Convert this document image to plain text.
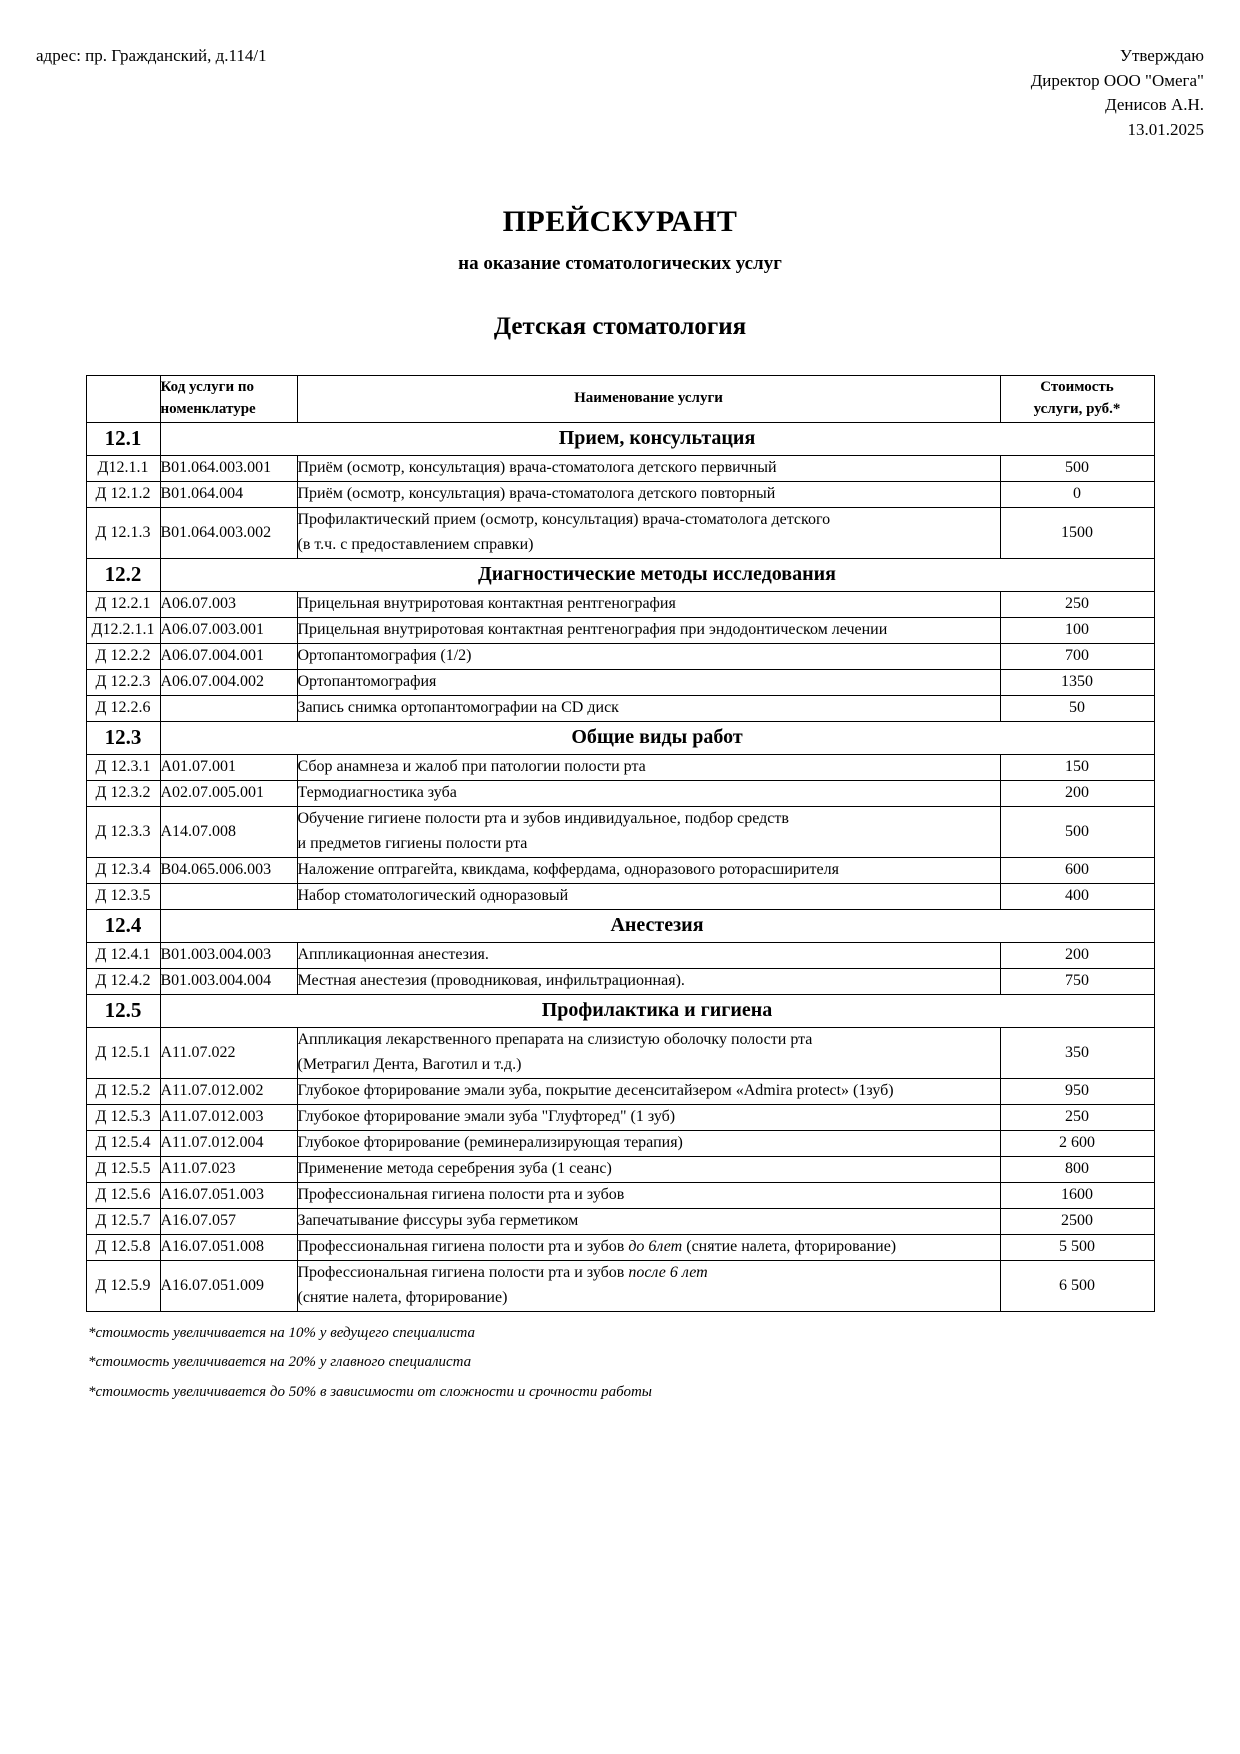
адрес: пр. Гражданский, д.114/1	Утверждаю
Директор ООО "Омега"
Денисов А.Н.
13.01.2025
ПРЕЙСКУРАНТ
на оказание стоматологических услуг
Детская стоматология

	Код услуги по
номенклатуре	Наименование услуги	Стоимость
услуги, руб.*

12.1	Прием, консультация		
Д12.1.1	B01.064.003.001	Приём (осмотр, консультация) врача-стоматолога детского первичный	500
Д 12.1.2	B01.064.004	Приём (осмотр, консультация) врача-стоматолога детского повторный	0
Д 12.1.3	B01.064.003.002	Профилактический прием (осмотр, консультация) врача-стоматолога детского
(в т.ч. с предоставлением справки)	1500
12.2	Диагностические методы исследования		
Д 12.2.1	A06.07.003	Прицельная внутриротовая контактная рентгенография	250
Д12.2.1.1	A06.07.003.001	Прицельная внутриротовая контактная рентгенография при эндодонтическом лечении	100
Д 12.2.2	A06.07.004.001	Ортопантомография (1/2)	700
Д 12.2.3	A06.07.004.002	Ортопантомография	1350
Д 12.2.6		Запись снимка ортопантомографии на CD диск	50
12.3	Общие виды работ		
Д 12.3.1	A01.07.001	Сбор анамнеза и жалоб при патологии полости рта	150
Д 12.3.2	A02.07.005.001	Термодиагностика зуба	200
Д 12.3.3	A14.07.008	Обучение гигиене полости рта и зубов индивидуальное, подбор средств
и предметов гигиены полости рта	500
Д 12.3.4	B04.065.006.003	Наложение оптрагейта, квикдама, коффердама, одноразового роторасширителя	600
Д 12.3.5		Набор стоматологический одноразовый	400
12.4	Анестезия		
Д 12.4.1	B01.003.004.003	Аппликационная анестезия.	200
Д 12.4.2	B01.003.004.004	Местная анестезия (проводниковая, инфильтрационная).	750
12.5	Профилактика и гигиена		
Д 12.5.1	A11.07.022	Аппликация лекарственного препарата на слизистую оболочку полости рта
(Метрагил Дента, Ваготил и т.д.)	350
Д 12.5.2	A11.07.012.002	Глубокое фторирование эмали зуба, покрытие десенситайзером «Admira protect» (1зуб)	950
Д 12.5.3	A11.07.012.003	Глубокое фторирование эмали зуба "Глуфторед" (1 зуб)	250
Д 12.5.4	A11.07.012.004	Глубокое фторирование (реминерализирующая терапия)	2 600
Д 12.5.5	A11.07.023	Применение метода серебрения зуба (1 сеанс)	800
Д 12.5.6	A16.07.051.003	Профессиональная гигиена полости рта и зубов	1600
Д 12.5.7	A16.07.057	Запечатывание фиссуры зуба герметиком	2500
Д 12.5.8	A16.07.051.008	Профессиональная гигиена полости рта и зубов до 6лет (снятие налета, фторирование)	5 500
Д 12.5.9	A16.07.051.009	Профессиональная гигиена полости рта и зубов после 6 лет
(снятие налета, фторирование)	6 500
*стоимость увеличивается на 10% у ведущего специалиста
*стоимость увеличивается на 20% у главного специалиста
*стоимость увеличивается до 50% в зависимости от сложности и срочности работы
